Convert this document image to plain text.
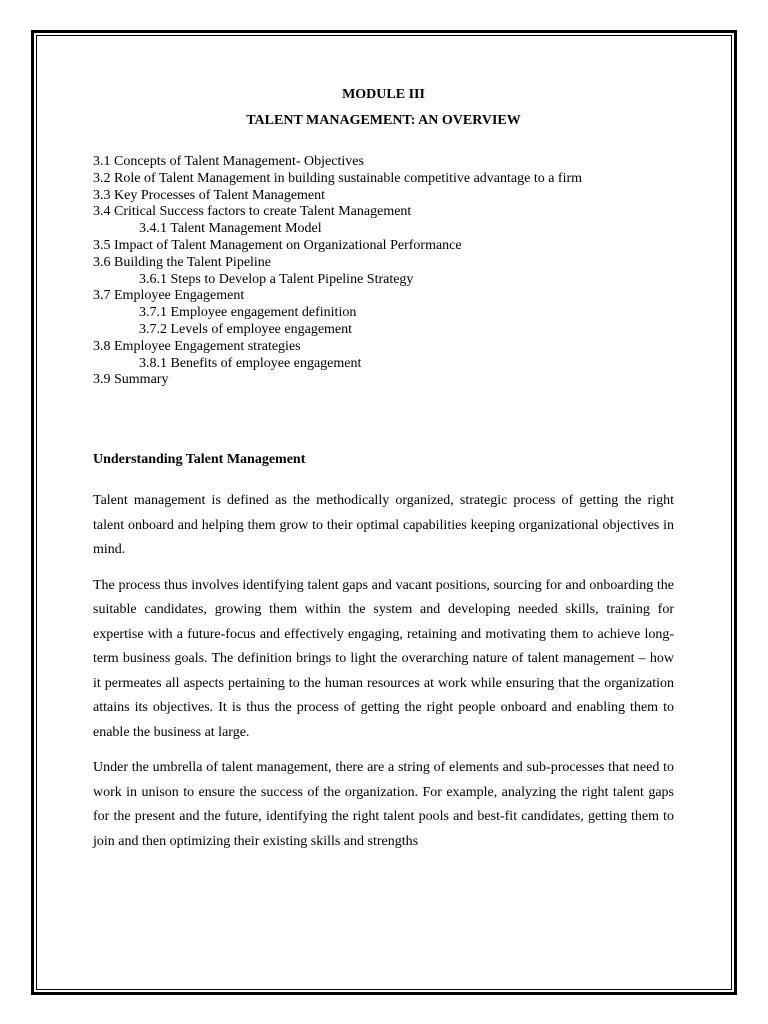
MODULE III
TALENT MANAGEMENT: AN OVERVIEW
3.1 Concepts of Talent Management- Objectives
3.2 Role of Talent Management in building sustainable competitive advantage to a firm
3.3 Key Processes of Talent Management
3.4 Critical Success factors to create Talent Management
3.4.1 Talent Management Model
3.5 Impact of Talent Management on Organizational Performance
3.6 Building the Talent Pipeline
3.6.1 Steps to Develop a Talent Pipeline Strategy
3.7 Employee Engagement
3.7.1 Employee engagement definition
3.7.2 Levels of employee engagement
3.8 Employee Engagement strategies
3.8.1 Benefits of employee engagement
3.9 Summary
Understanding Talent Management

Talent management is defined as the methodically organized, strategic process of getting the right talent onboard and helping them grow to their optimal capabilities keeping organizational objectives in mind.

The process thus involves identifying talent gaps and vacant positions, sourcing for and onboarding the suitable candidates, growing them within the system and developing needed skills, training for expertise with a future-focus and effectively engaging, retaining and motivating them to achieve long-term business goals. The definition brings to light the overarching nature of talent management – how it permeates all aspects pertaining to the human resources at work while ensuring that the organization attains its objectives. It is thus the process of getting the right people onboard and enabling them to enable the business at large.

Under the umbrella of talent management, there are a string of elements and sub-processes that need to work in unison to ensure the success of the organization. For example, analyzing the right talent gaps for the present and the future, identifying the right talent pools and best-fit candidates, getting them to join and then optimizing their existing skills and strengths
